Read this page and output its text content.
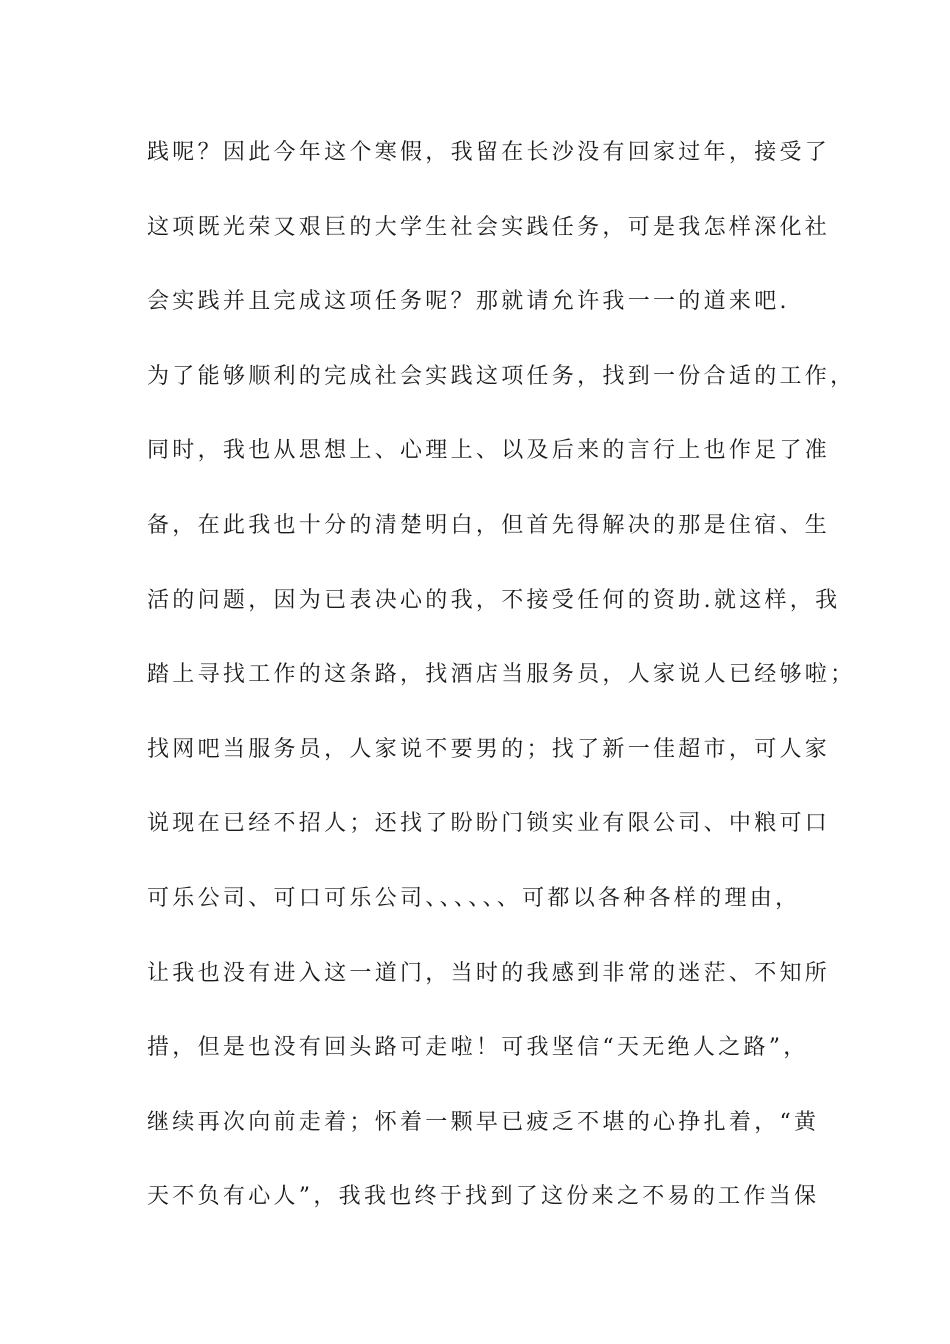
践呢？因此今年这个寒假，我留在长沙没有回家过年，接受了
这项既光荣又艰巨的大学生社会实践任务，可是我怎样深化社
会实践并且完成这项任务呢？那就请允许我一一的道来吧.
为了能够顺利的完成社会实践这项任务，找到一份合适的工作，
同时，我也从思想上、心理上、以及后来的言行上也作足了准
备，在此我也十分的清楚明白，但首先得解决的那是住宿、生
活的问题，因为已表决心的我，不接受任何的资助.就这样，我
踏上寻找工作的这条路，找酒店当服务员，人家说人已经够啦；
找网吧当服务员，人家说不要男的；找了新一佳超市，可人家
说现在已经不招人；还找了盼盼门锁实业有限公司、中粮可口
可乐公司、可口可乐公司、、、、、、可都以各种各样的理由，
让我也没有进入这一道门，当时的我感到非常的迷茫、不知所
措，但是也没有回头路可走啦！可我坚信“天无绝人之路”，
继续再次向前走着；怀着一颗早已疲乏不堪的心挣扎着，“黄
天不负有心人”，我我也终于找到了这份来之不易的工作当保
